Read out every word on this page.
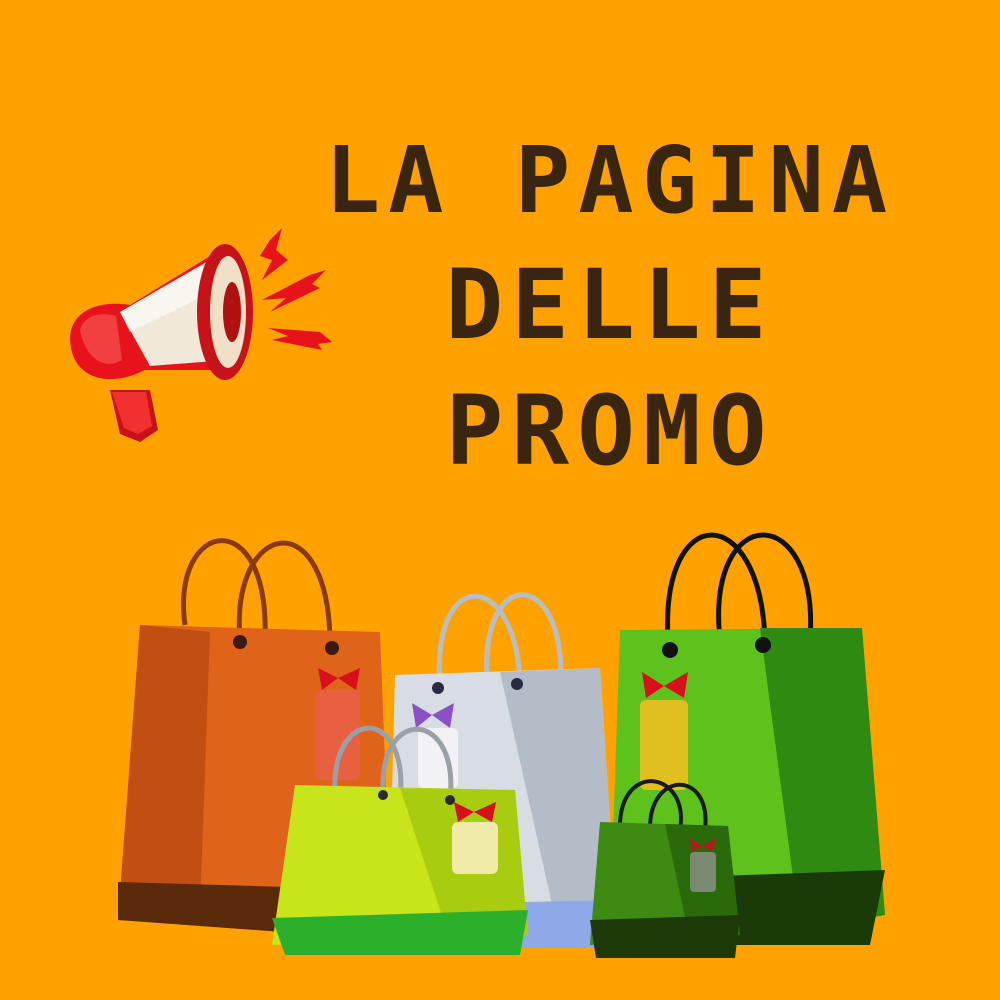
LA PAGINA
DELLE
PROMO
